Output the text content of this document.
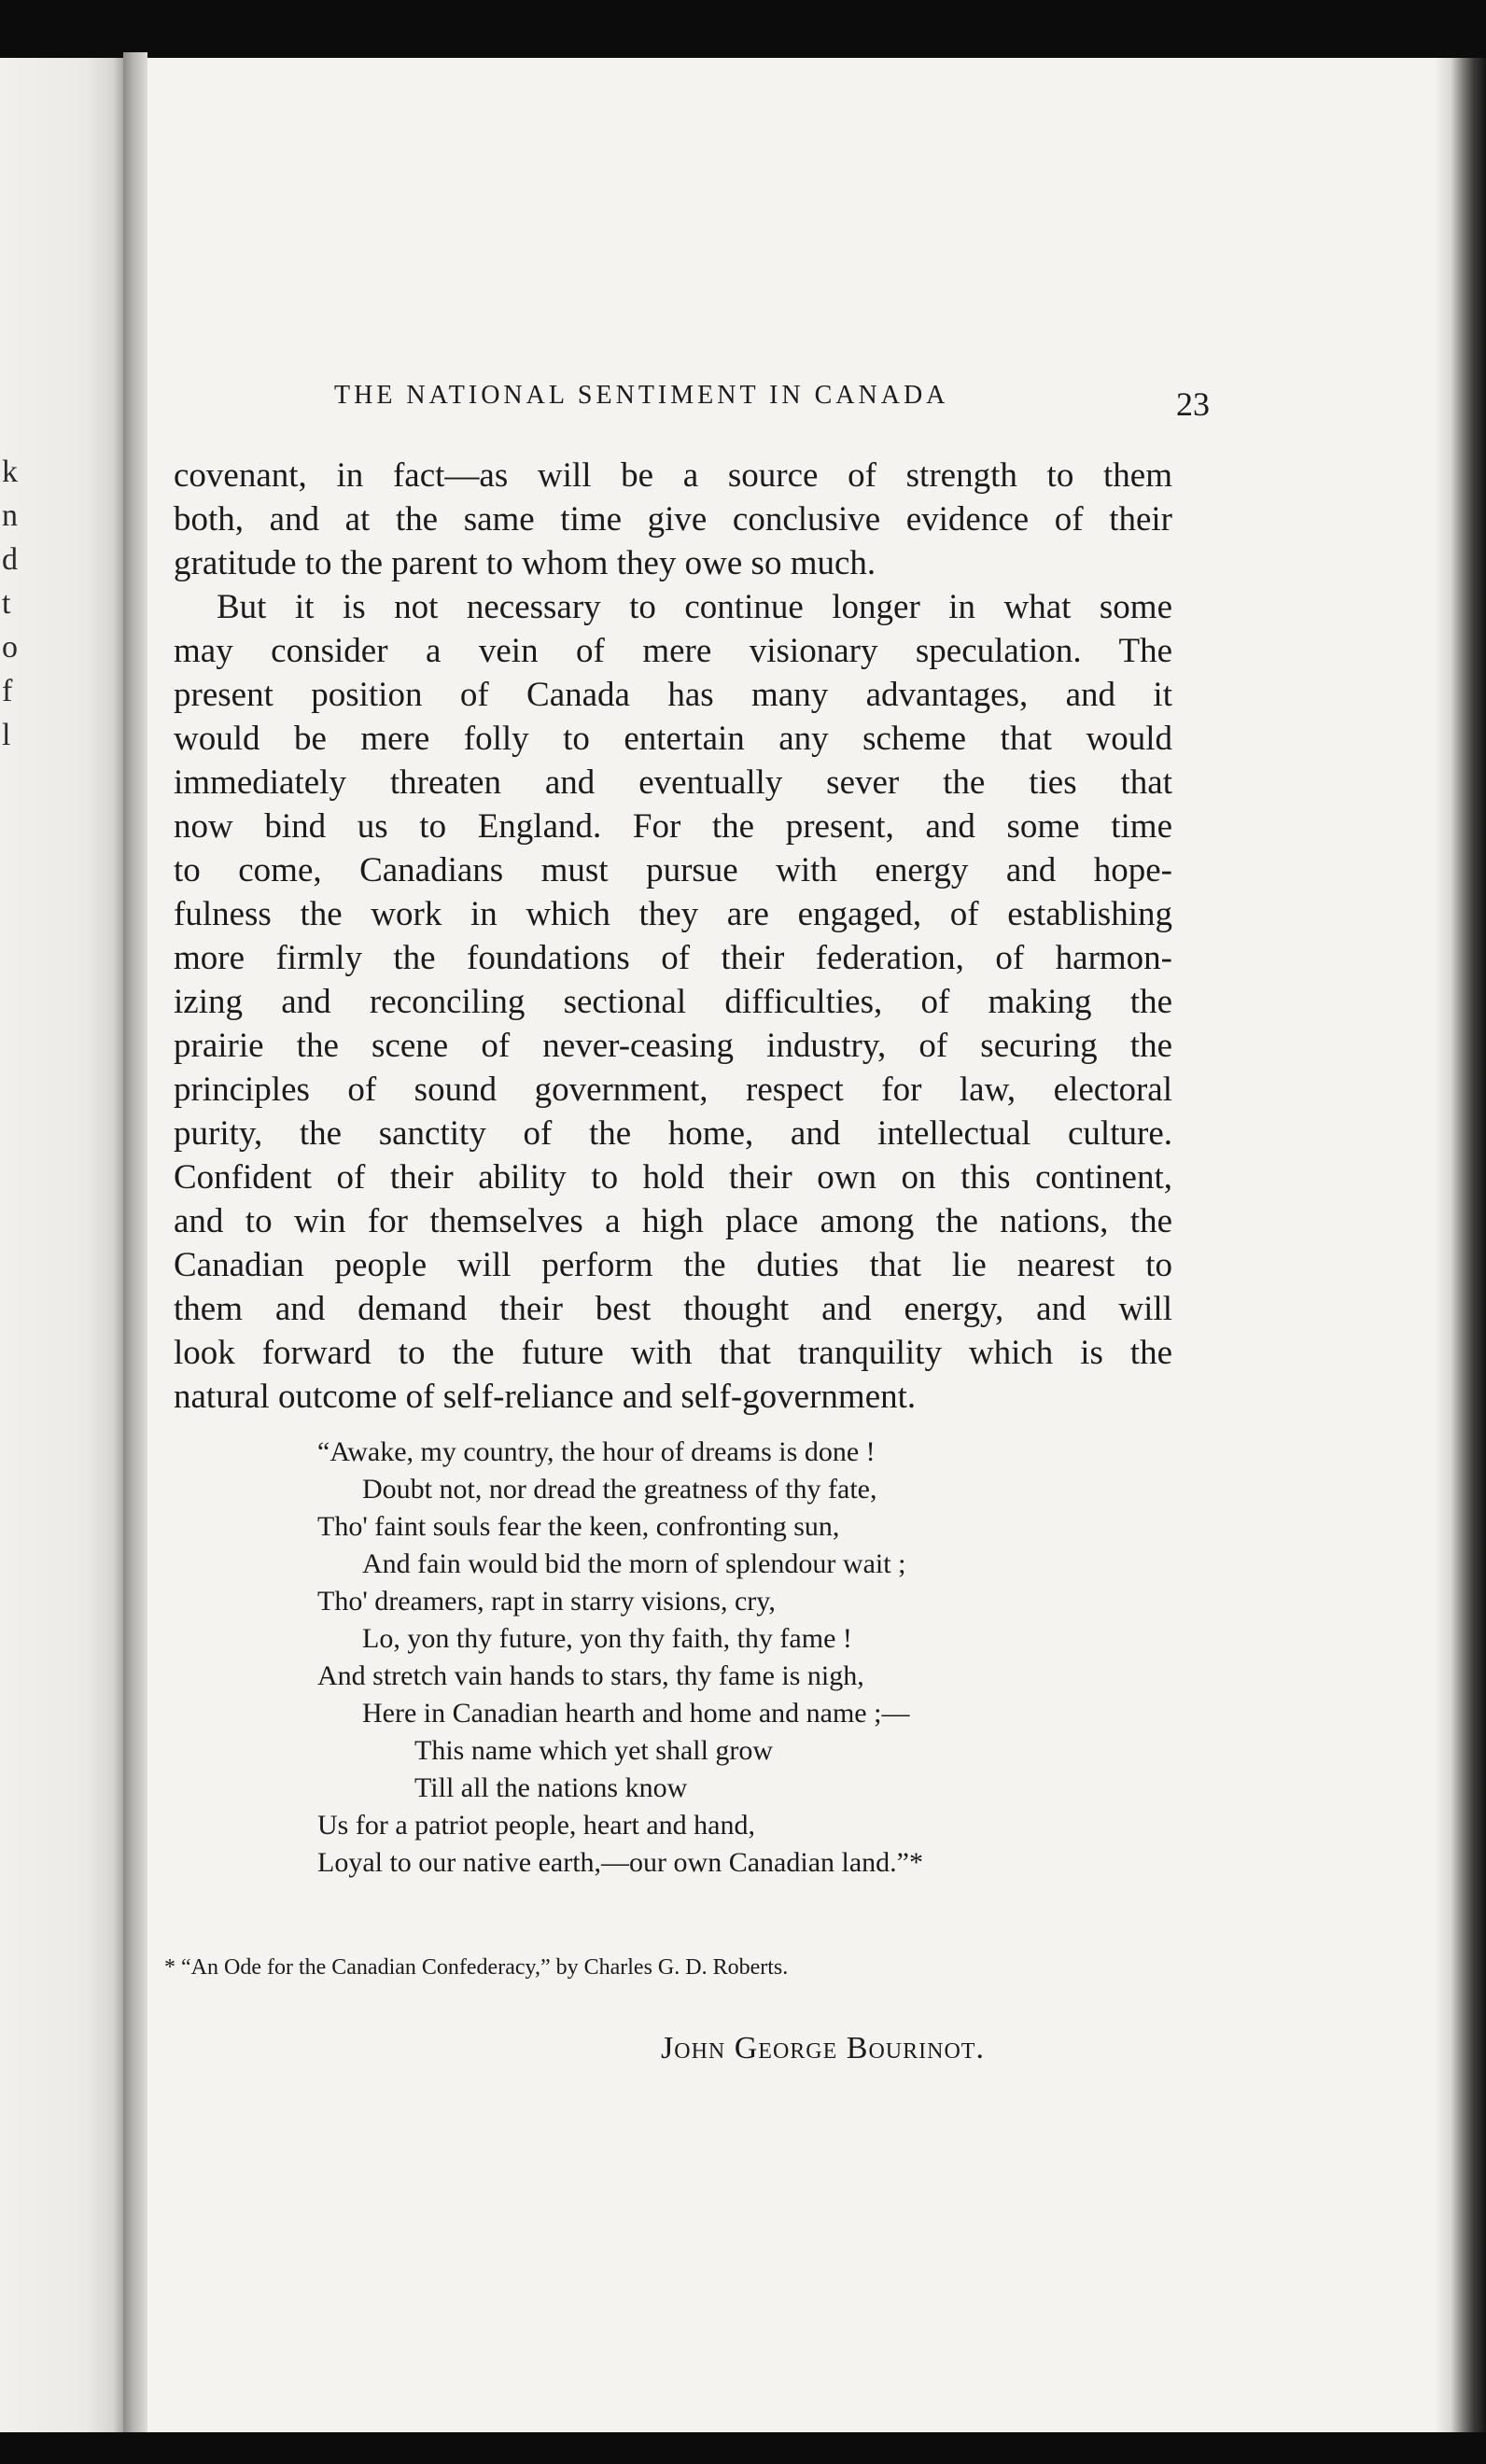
k
n
d
t
o
f
l
THE NATIONAL SENTIMENT IN CANADA	23
covenant, in fact—as will be a source of strength to them
both, and at the same time give conclusive evidence of their
gratitude to the parent to whom they owe so much.
But it is not necessary to continue longer in what some
may consider a vein of mere visionary speculation. The
present position of Canada has many advantages, and it
would be mere folly to entertain any scheme that would
immediately threaten and eventually sever the ties that
now bind us to England. For the present, and some time
to come, Canadians must pursue with energy and hope-
fulness the work in which they are engaged, of establishing
more firmly the foundations of their federation, of harmon-
izing and reconciling sectional difficulties, of making the
prairie the scene of never-ceasing industry, of securing the
principles of sound government, respect for law, electoral
purity, the sanctity of the home, and intellectual culture.
Confident of their ability to hold their own on this continent,
and to win for themselves a high place among the nations, the
Canadian people will perform the duties that lie nearest to
them and demand their best thought and energy, and will
look forward to the future with that tranquility which is the
natural outcome of self-reliance and self-government.
“Awake, my country, the hour of dreams is done !
Doubt not, nor dread the greatness of thy fate,
Tho' faint souls fear the keen, confronting sun,
And fain would bid the morn of splendour wait ;
Tho' dreamers, rapt in starry visions, cry,
Lo, yon thy future, yon thy faith, thy fame !
And stretch vain hands to stars, thy fame is nigh,
Here in Canadian hearth and home and name ;—
This name which yet shall grow
Till all the nations know
Us for a patriot people, heart and hand,
Loyal to our native earth,—our own Canadian land.”*
* “An Ode for the Canadian Confederacy,” by Charles G. D. Roberts.
John George Bourinot.
